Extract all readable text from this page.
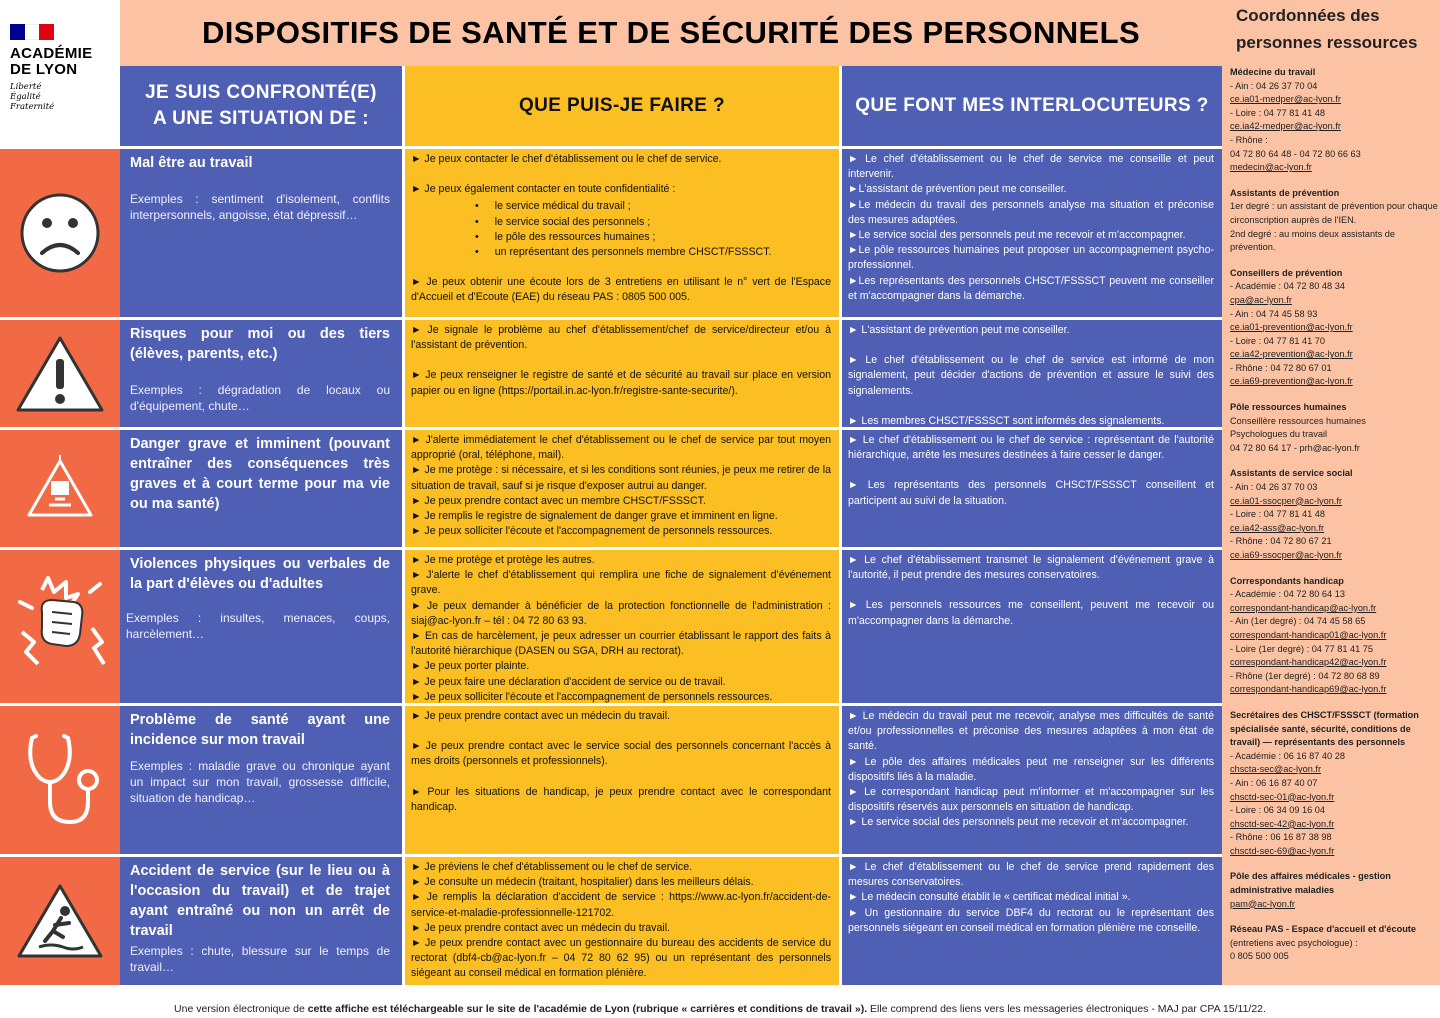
ACADÉMIE
DE LYON
Liberté
Égalité
Fraternité
DISPOSITIFS DE SANTÉ ET DE SÉCURITÉ DES PERSONNELS
JE SUIS CONFRONTÉ(E)
A UNE SITUATION DE :
QUE PUIS-JE FAIRE ?	QUE FONT MES INTERLOCUTEURS ?
Mal être au travail
Exemples : sentiment d'isolement, conflits interpersonnels, angoisse, état dépressif…

► Je peux contacter le chef d'établissement ou le chef de service.

► Je peux également contacter en toute confidentialité :

• le service médical du travail ;
• le service social des personnels ;
• le pôle des ressources humaines ;
• un représentant des personnels membre CHSCT/FSSSCT.

► Je peux obtenir une écoute lors de 3 entretiens en utilisant le n° vert de l'Espace d'Accueil et d'Ecoute (EAE) du réseau PAS : 0805 500 005.

► Le chef d'établissement ou le chef de service me conseille et peut intervenir.

►L'assistant de prévention peut me conseiller.

►Le médecin du travail des personnels analyse ma situation et préconise des mesures adaptées.

►Le service social des personnels peut me recevoir et m'accompagner.

►Le pôle ressources humaines peut proposer un accompagnement psycho-professionnel.

►Les représentants des personnels CHSCT/FSSSCT peuvent me conseiller et m'accompagner dans la démarche.

Risques pour moi ou des tiers (élèves, parents, etc.)
Exemples : dégradation de locaux ou d'équipement, chute…

► Je signale le problème au chef d'établissement/chef de service/directeur et/ou à l'assistant de prévention.

► Je peux renseigner le registre de santé et de sécurité au travail sur place en version papier ou en ligne (https://portail.in.ac-lyon.fr/registre-sante-securite/).

► L'assistant de prévention peut me conseiller.

► Le chef d'établissement ou le chef de service est informé de mon signalement, peut décider d'actions de prévention et assure le suivi des signalements.

► Les membres CHSCT/FSSSCT sont informés des signalements.

Danger grave et imminent (pouvant entraîner des conséquences très graves et à court terme pour ma vie ou ma santé)

► J'alerte immédiatement le chef d'établissement ou le chef de service par tout moyen approprié (oral, téléphone, mail).

► Je me protège : si nécessaire, et si les conditions sont réunies, je peux me retirer de la situation de travail, sauf si je risque d'exposer autrui au danger.

► Je peux prendre contact avec un membre CHSCT/FSSSCT.

► Je remplis le registre de signalement de danger grave et imminent en ligne.

► Je peux solliciter l'écoute et l'accompagnement de personnels ressources.

► Le chef d'établissement ou le chef de service : représentant de l'autorité hiérarchique, arrête les mesures destinées à faire cesser le danger.

► Les représentants des personnels CHSCT/FSSSCT conseillent et participent au suivi de la situation.

Violences physiques ou verbales de la part d'élèves ou d'adultes
Exemples : insultes, menaces, coups, harcèlement…

► Je me protège et protège les autres.

► J'alerte le chef d'établissement qui remplira une fiche de signalement d'événement grave.

► Je peux demander à bénéficier de la protection fonctionnelle de l'administration : siaj@ac-lyon.fr – tél : 04 72 80 63 93.

► En cas de harcèlement, je peux adresser un courrier établissant le rapport des faits à l'autorité hiérarchique (DASEN ou SGA, DRH au rectorat).

► Je peux porter plainte.

► Je peux faire une déclaration d'accident de service ou de travail.

► Je peux solliciter l'écoute et l'accompagnement de personnels ressources.

► Le chef d'établissement transmet le signalement d'événement grave à l'autorité, il peut prendre des mesures conservatoires.

► Les personnels ressources me conseillent, peuvent me recevoir ou m'accompagner dans la démarche.

Problème de santé ayant une incidence sur mon travail
Exemples : maladie grave ou chronique ayant un impact sur mon travail, grossesse difficile, situation de handicap…

► Je peux prendre contact avec un médecin du travail.

► Je peux prendre contact avec le service social des personnels concernant l'accès à mes droits (personnels et professionnels).

► Pour les situations de handicap, je peux prendre contact avec le correspondant handicap.

► Le médecin du travail peut me recevoir, analyse mes difficultés de santé et/ou professionnelles et préconise des mesures adaptées à mon état de santé.

► Le pôle des affaires médicales peut me renseigner sur les différents dispositifs liés à la maladie.

► Le correspondant handicap peut m'informer et m'accompagner sur les dispositifs réservés aux personnels en situation de handicap.

► Le service social des personnels peut me recevoir et m'accompagner.

Accident de service (sur le lieu ou à l'occasion du travail) et de trajet ayant entraîné ou non un arrêt de travail
Exemples : chute, blessure sur le temps de travail…

► Je préviens le chef d'établissement ou le chef de service.

► Je consulte un médecin (traitant, hospitalier) dans les meilleurs délais.

► Je remplis la déclaration d'accident de service : https://www.ac-lyon.fr/accident-de-service-et-maladie-professionnelle-121702.

► Je peux prendre contact avec un médecin du travail.

► Je peux prendre contact avec un gestionnaire du bureau des accidents de service du rectorat (dbf4-cb@ac-lyon.fr – 04 72 80 62 95) ou un représentant des personnels siégeant au conseil médical en formation plénière.

► Le chef d'établissement ou le chef de service prend rapidement des mesures conservatoires.

► Le médecin consulté établit le « certificat médical initial ».

► Un gestionnaire du service DBF4 du rectorat ou le représentant des personnels siégeant en conseil médical en formation plénière me conseille.

Coordonnées des
personnes ressources
Médecine du travail
- Ain : 04 26 37 70 04
ce.ia01-medper@ac-lyon.fr
- Loire : 04 77 81 41 48
ce.ia42-medper@ac-lyon.fr
- Rhône :
04 72 80 64 48 - 04 72 80 66 63
medecin@ac-lyon.fr
Assistants de prévention
1er degré : un assistant de prévention pour chaque circonscription auprès de l'IEN.
2nd degré : au moins deux assistants de prévention.
Conseillers de prévention
- Académie : 04 72 80 48 34
cpa@ac-lyon.fr
- Ain : 04 74 45 58 93
ce.ia01-prevention@ac-lyon.fr
- Loire : 04 77 81 41 70
ce.ia42-prevention@ac-lyon.fr
- Rhône : 04 72 80 67 01
ce.ia69-prevention@ac-lyon.fr
Pôle ressources humaines
Conseillère ressources humaines
Psychologues du travail
04 72 80 64 17 - prh@ac-lyon.fr
Assistants de service social
- Ain : 04 26 37 70 03
ce.ia01-ssocper@ac-lyon.fr
- Loire : 04 77 81 41 48
ce.ia42-ass@ac-lyon.fr
- Rhône : 04 72 80 67 21
ce.ia69-ssocper@ac-lyon.fr
Correspondants handicap
- Académie : 04 72 80 64 13
correspondant-handicap@ac-lyon.fr
- Ain (1er degré) : 04 74 45 58 65
correspondant-handicap01@ac-lyon.fr
- Loire (1er degré) : 04 77 81 41 75
correspondant-handicap42@ac-lyon.fr
- Rhône (1er degré) : 04 72 80 68 89
correspondant-handicap69@ac-lyon.fr
Secrétaires des CHSCT/FSSSCT (formation spécialisée santé, sécurité, conditions de travail) — représentants des personnels
- Académie : 06 16 87 40 28
chscta-sec@ac-lyon.fr
- Ain : 06 16 87 40 07
chsctd-sec-01@ac-lyon.fr
- Loire : 06 34 09 16 04
chsctd-sec-42@ac-lyon.fr
- Rhône : 06 16 87 38 98
chsctd-sec-69@ac-lyon.fr
Pôle des affaires médicales - gestion administrative maladies
pam@ac-lyon.fr
Réseau PAS - Espace d'accueil et d'écoute
(entretiens avec psychologue) :
0 805 500 005
Une version électronique de cette affiche est téléchargeable sur le site de l'académie de Lyon (rubrique « carrières et conditions de travail »). Elle comprend des liens vers les messageries électroniques - MAJ par CPA 15/11/22.
